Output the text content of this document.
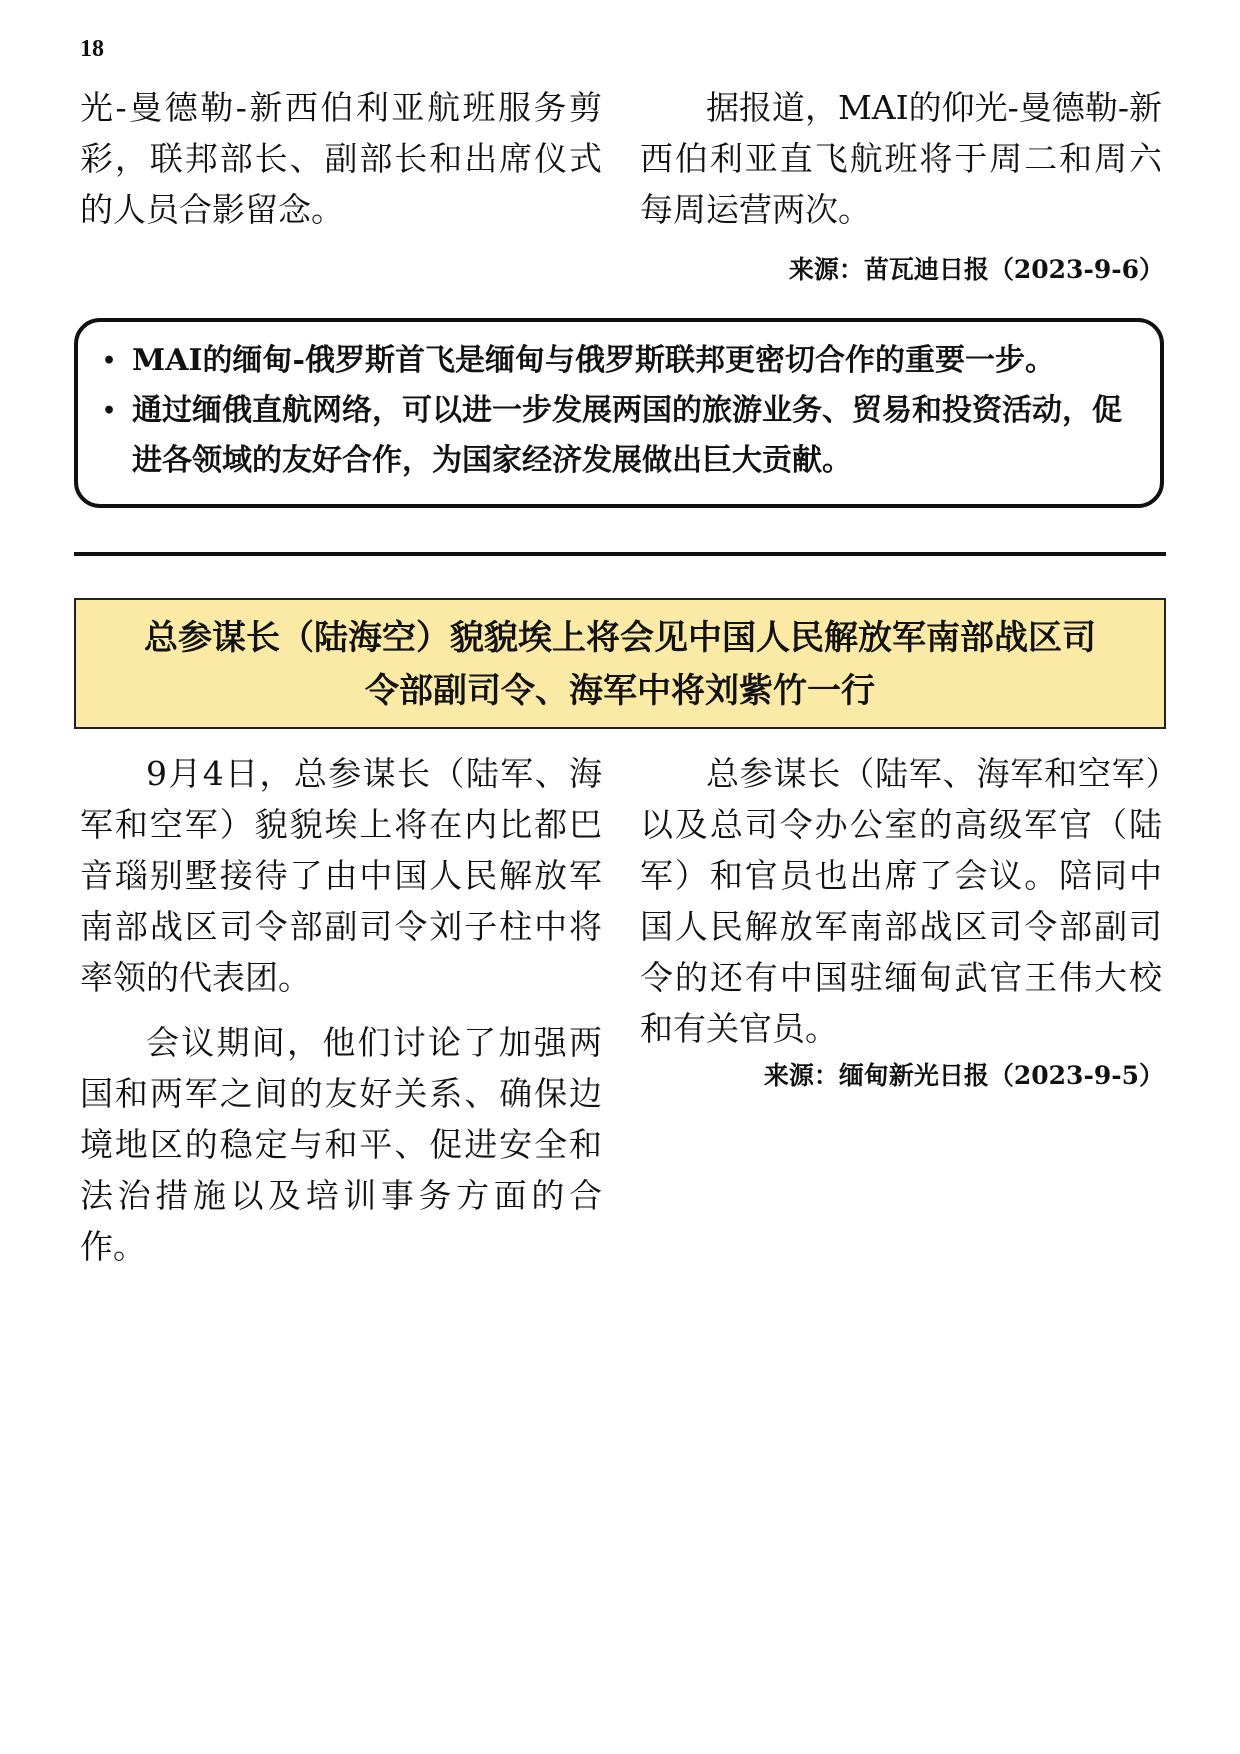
18

光-曼德勒-新西伯利亚航班服务剪彩，联邦部长、副部长和出席仪式的人员合影留念。

据报道，MAI的仰光-曼德勒-新西伯利亚直飞航班将于周二和周六每周运营两次。

来源：苗瓦迪日报（2023-9-6）
• MAI的缅甸-俄罗斯首飞是缅甸与俄罗斯联邦更密切合作的重要一步。
• 通过缅俄直航网络，可以进一步发展两国的旅游业务、贸易和投资活动，促进各领域的友好合作，为国家经济发展做出巨大贡献。
总参谋长（陆海空）貌貌埃上将会见中国人民解放军南部战区司
令部副司令、海军中将刘紫竹一行

9月4日，总参谋长（陆军、海军和空军）貌貌埃上将在内比都巴音瑙别墅接待了由中国人民解放军南部战区司令部副司令刘子柱中将率领的代表团。

会议期间，他们讨论了加强两国和两军之间的友好关系、确保边境地区的稳定与和平、促进安全和法治措施以及培训事务方面的合作。

总参谋长（陆军、海军和空军）以及总司令办公室的高级军官（陆军）和官员也出席了会议。陪同中国人民解放军南部战区司令部副司令的还有中国驻缅甸武官王伟大校和有关官员。

来源：缅甸新光日报（2023-9-5）
